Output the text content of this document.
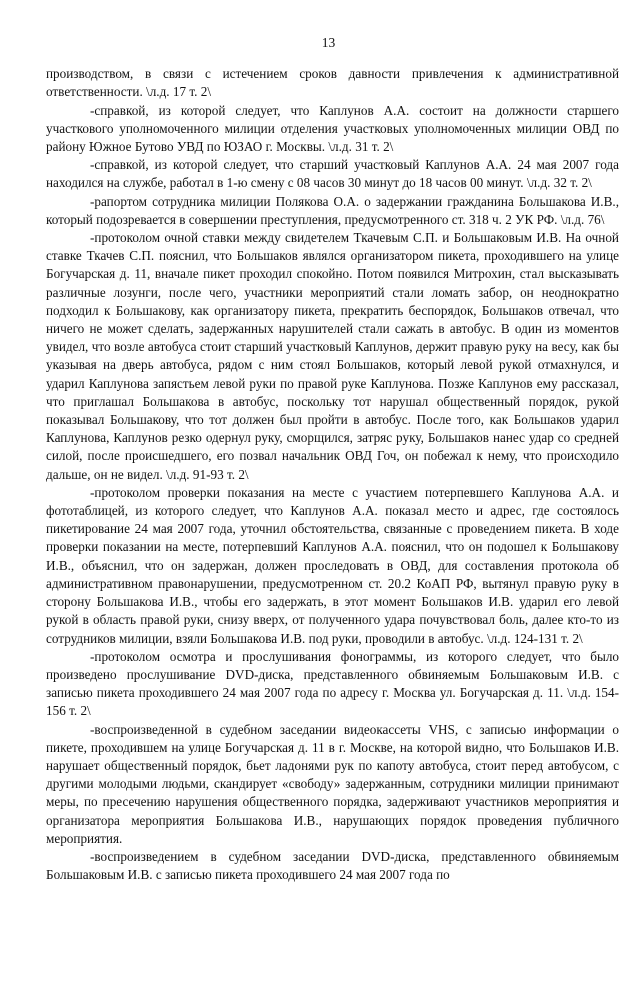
13

производством, в связи с истечением сроков давности привлечения к административной ответственности. \л.д. 17 т. 2\

-справкой, из которой следует, что Каплунов А.А. состоит на должности старшего участкового уполномоченного милиции отделения участковых уполномоченных милиции ОВД по району Южное Бутово УВД по ЮЗАО г. Москвы. \л.д. 31 т. 2\

-справкой, из которой следует, что старший участковый Каплунов А.А. 24 мая 2007 года находился на службе, работал в 1-ю смену с 08 часов 30 минут до 18 часов 00 минут. \л.д. 32 т. 2\

-рапортом сотрудника милиции Полякова О.А. о задержании гражданина Большакова И.В., который подозревается в совершении преступления, предусмотренного ст. 318 ч. 2 УК РФ. \л.д. 76\

-протоколом очной ставки между свидетелем Ткачевым С.П. и Большаковым И.В. На очной ставке Ткачев С.П. пояснил, что Большаков являлся организатором пикета, проходившего на улице Богучарская д. 11, вначале пикет проходил спокойно. Потом появился Митрохин, стал высказывать различные лозунги, после чего, участники мероприятий стали ломать забор, он неоднократно подходил к Большакову, как организатору пикета, прекратить беспорядок, Большаков отвечал, что ничего не может сделать, задержанных нарушителей стали сажать в автобус. В один из моментов увидел, что возле автобуса стоит старший участковый Каплунов, держит правую руку на весу, как бы указывая на дверь автобуса, рядом с ним стоял Большаков, который левой рукой отмахнулся, и ударил Каплунова запястьем левой руки по правой руке Каплунова. Позже Каплунов ему рассказал, что приглашал Большакова в автобус, поскольку тот нарушал общественный порядок, рукой показывал Большакову, что тот должен был пройти в автобус. После того, как Большаков ударил Каплунова, Каплунов резко одернул руку, сморщился, затряс руку, Большаков нанес удар со средней силой, после происшедшего, его позвал начальник ОВД Гоч, он побежал к нему, что происходило дальше, он не видел. \л.д. 91-93 т. 2\

-протоколом проверки показания на месте с участием потерпевшего Каплунова А.А. и фототаблицей, из которого следует, что Каплунов А.А. показал место и адрес, где состоялось пикетирование 24 мая 2007 года, уточнил обстоятельства, связанные с проведением пикета. В ходе проверки показании на месте, потерпевший Каплунов А.А. пояснил, что он подошел к Большакову И.В., объяснил, что он задержан, должен проследовать в ОВД, для составления протокола об административном правонарушении, предусмотренном ст. 20.2 КоАП РФ, вытянул правую руку в сторону Большакова И.В., чтобы его задержать, в этот момент Большаков И.В. ударил его левой рукой в область правой руки, снизу вверх, от полученного удара почувствовал боль, далее кто-то из сотрудников милиции, взяли Большакова И.В. под руки, проводили в автобус. \л.д. 124-131 т. 2\

-протоколом осмотра и прослушивания фонограммы, из которого следует, что было произведено прослушивание DVD-диска, представленного обвиняемым Большаковым И.В. с записью пикета проходившего 24 мая 2007 года по адресу г. Москва ул. Богучарская д. 11. \л.д. 154-156 т. 2\

-воспроизведенной в судебном заседании видеокассеты VHS, с записью информации о пикете, проходившем на улице Богучарская д. 11 в г. Москве, на которой видно, что Большаков И.В. нарушает общественный порядок, бьет ладонями рук по капоту автобуса, стоит перед автобусом, с другими молодыми людьми, скандирует «свободу» задержанным, сотрудники милиции принимают меры, по пресечению нарушения общественного порядка, задерживают участников мероприятия и организатора мероприятия Большакова И.В., нарушающих порядок проведения публичного мероприятия.

-воспроизведением в судебном заседании DVD-диска, представленного обвиняемым Большаковым И.В. с записью пикета проходившего 24 мая 2007 года по
